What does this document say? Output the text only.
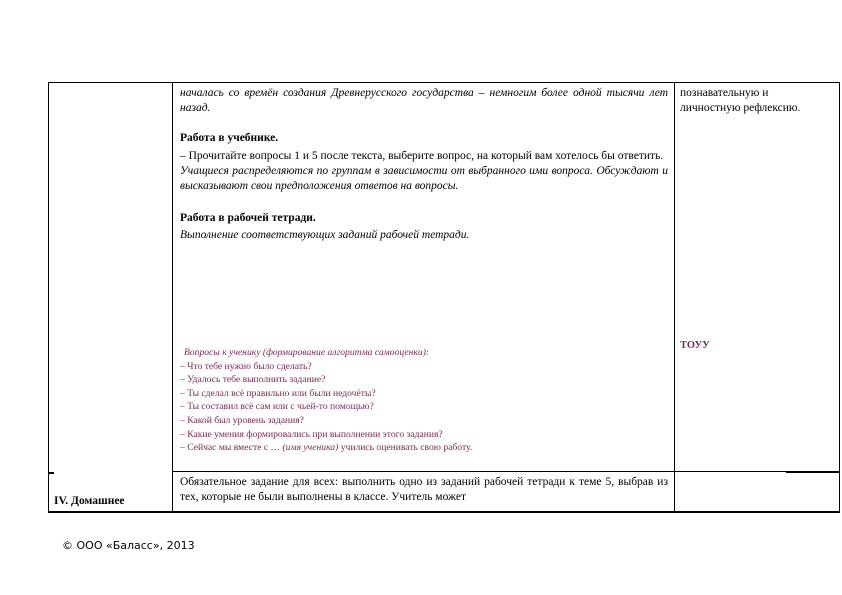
началась со времён создания Древнерусского государства – немногим более одной тысячи лет назад.

Работа в учебнике.

– Прочитайте вопросы 1 и 5 после текста, выберите вопрос, на который вам хотелось бы ответить.

Учащиеся распределяются по группам в зависимости от выбранного ими вопроса. Обсуждают и высказывают свои предположения ответов на вопросы.

Работа в рабочей тетради.

Выполнение соответствующих заданий рабочей тетради.

Вопросы к ученику (формирование алгоритма самооценки):

– Что тебе нужно было сделать?

– Удалось тебе выполнить задание?

– Ты сделал всё правильно или были недочёты?

– Ты составил всё сам или с чьей-то помощью?

– Какой был уровень задания?

– Какие умения формировались при выполнении этого задания?

– Сейчас мы вместе с … (имя ученика) учились оценивать свою работу.

познавательную и личностную рефлексию.
ТОУУ
IV. Домашнее
Обязательное задание для всех: выполнить одно из заданий рабочей тетради к теме 5, выбрав из тех, которые не были выполнены в классе. Учитель может
© ООО «Баласс», 2013
